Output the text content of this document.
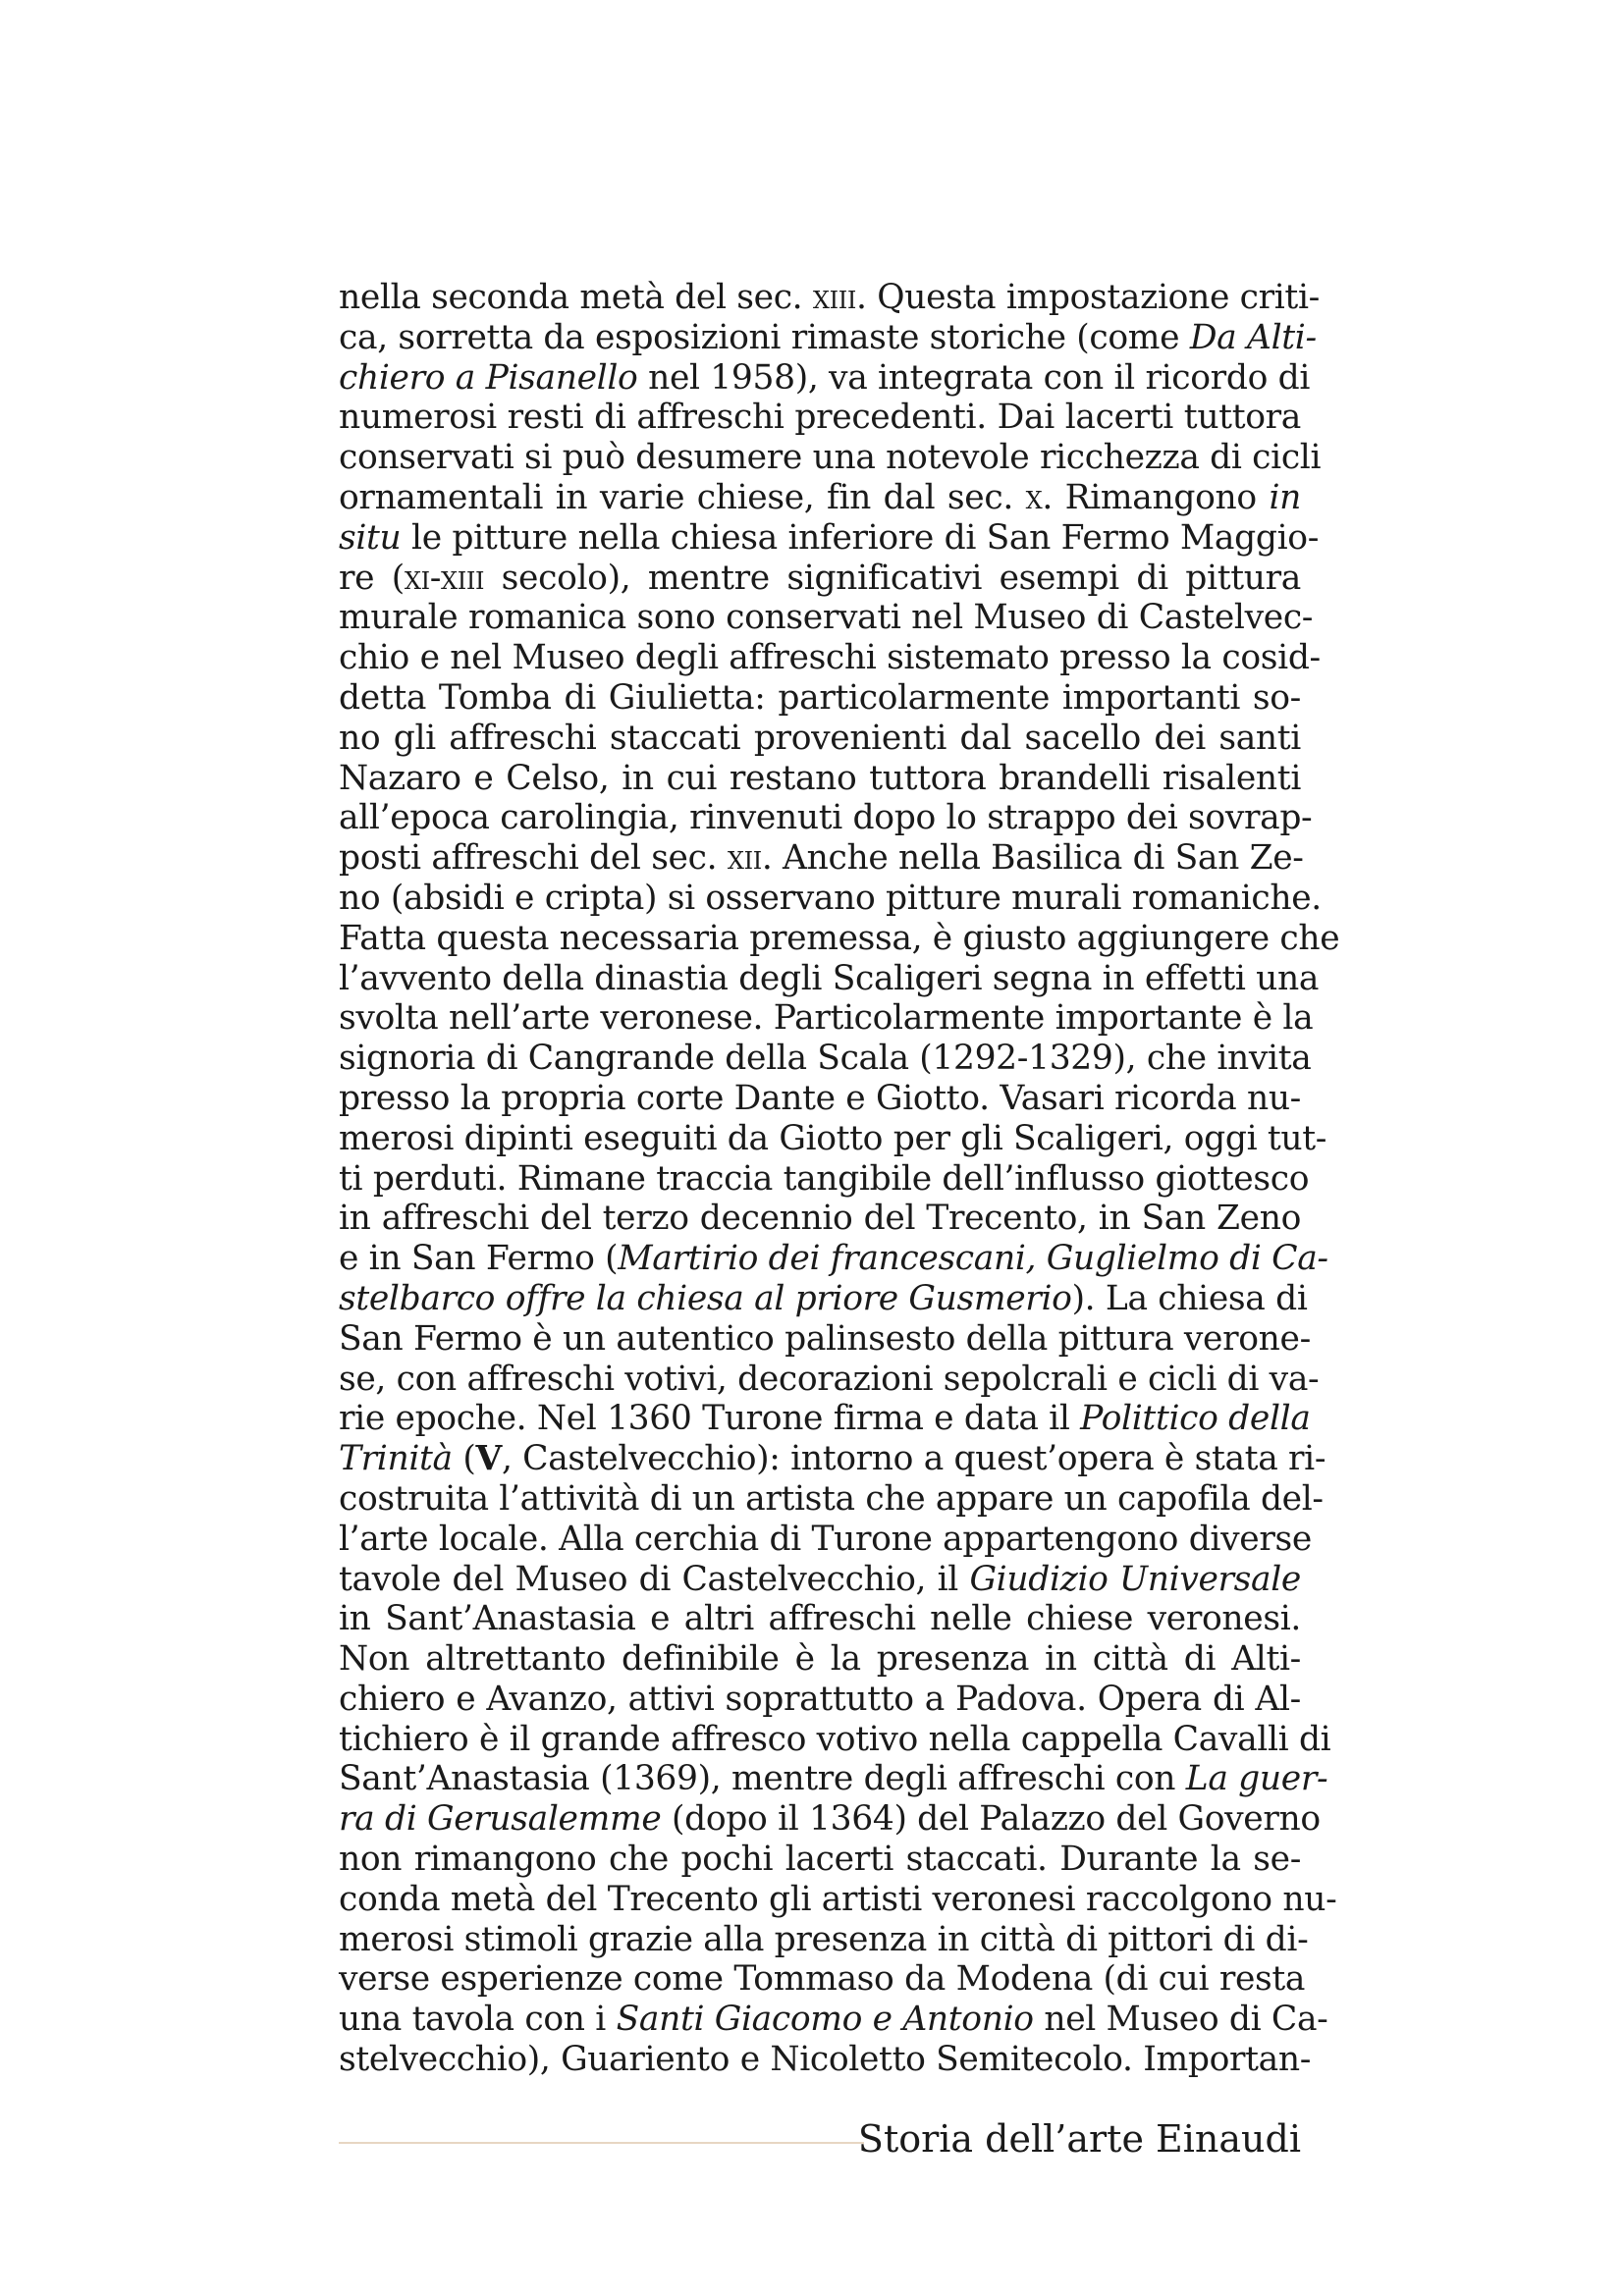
nella seconda metà del sec. xiii. Questa impostazione criti-
ca, sorretta da esposizioni rimaste storiche (come Da Alti-
chiero a Pisanello nel 1958), va integrata con il ricordo di
numerosi resti di affreschi precedenti. Dai lacerti tuttora
conservati si può desumere una notevole ricchezza di cicli
ornamentali in varie chiese, fin dal sec. x. Rimangono in
situ le pitture nella chiesa inferiore di San Fermo Maggio-
re (xi-xiii secolo), mentre significativi esempi di pittura
murale romanica sono conservati nel Museo di Castelvec-
chio e nel Museo degli affreschi sistemato presso la cosid-
detta Tomba di Giulietta: particolarmente importanti so-
no gli affreschi staccati provenienti dal sacello dei santi
Nazaro e Celso, in cui restano tuttora brandelli risalenti
all’epoca carolingia, rinvenuti dopo lo strappo dei sovrap-
posti affreschi del sec. xii. Anche nella Basilica di San Ze-
no (absidi e cripta) si osservano pitture murali romaniche.
Fatta questa necessaria premessa, è giusto aggiungere che
l’avvento della dinastia degli Scaligeri segna in effetti una
svolta nell’arte veronese. Particolarmente importante è la
signoria di Cangrande della Scala (1292-1329), che invita
presso la propria corte Dante e Giotto. Vasari ricorda nu-
merosi dipinti eseguiti da Giotto per gli Scaligeri, oggi tut-
ti perduti. Rimane traccia tangibile dell’influsso giottesco
in affreschi del terzo decennio del Trecento, in San Zeno
e in San Fermo (Martirio dei francescani, Guglielmo di Ca-
stelbarco offre la chiesa al priore Gusmerio). La chiesa di
San Fermo è un autentico palinsesto della pittura verone-
se, con affreschi votivi, decorazioni sepolcrali e cicli di va-
rie epoche. Nel 1360 Turone firma e data il Polittico della
Trinità (V, Castelvecchio): intorno a quest’opera è stata ri-
costruita l’attività di un artista che appare un capofila del-
l’arte locale. Alla cerchia di Turone appartengono diverse
tavole del Museo di Castelvecchio, il Giudizio Universale
in Sant’Anastasia e altri affreschi nelle chiese veronesi.
Non altrettanto definibile è la presenza in città di Alti-
chiero e Avanzo, attivi soprattutto a Padova. Opera di Al-
tichiero è il grande affresco votivo nella cappella Cavalli di
Sant’Anastasia (1369), mentre degli affreschi con La guer-
ra di Gerusalemme (dopo il 1364) del Palazzo del Governo
non rimangono che pochi lacerti staccati. Durante la se-
conda metà del Trecento gli artisti veronesi raccolgono nu-
merosi stimoli grazie alla presenza in città di pittori di di-
verse esperienze come Tommaso da Modena (di cui resta
una tavola con i Santi Giacomo e Antonio nel Museo di Ca-
stelvecchio), Guariento e Nicoletto Semitecolo. Importan-
Storia dell’arte Einaudi
